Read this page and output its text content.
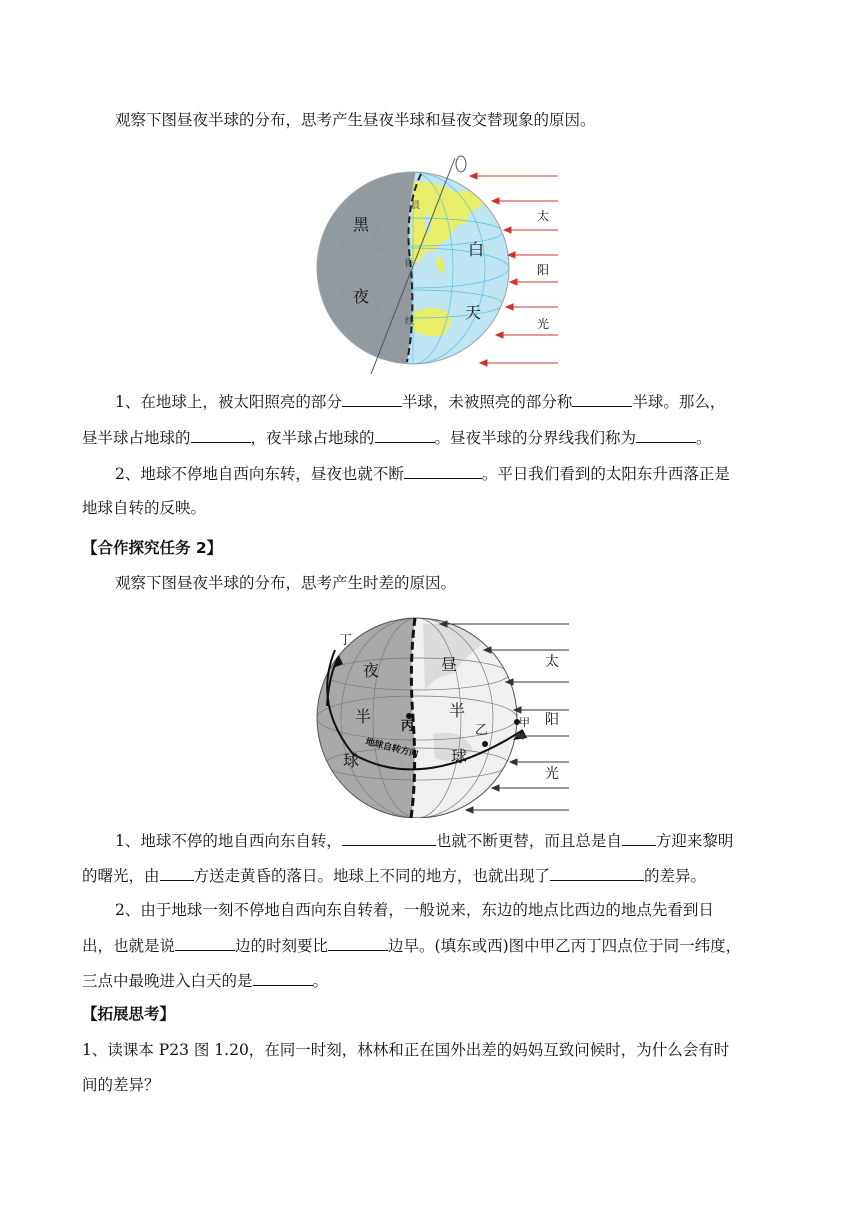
观察下图昼夜半球的分布，思考产生昼夜半球和昼夜交替现象的原因。
黑
夜
白
天
晨
昏
线
太
阳
光
1、在地球上，被太阳照亮的部分	半球，未被照亮的部分称	半球。那么，
昼半球占地球的	，夜半球占地球的	。昼夜半球的分界线我们称为	。
2、地球不停地自西向东转，昼夜也就不断	。平日我们看到的太阳东升西落正是
地球自转的反映。
【合作探究任务 2】
观察下图昼夜半球的分布，思考产生时差的原因。
丁
丙	乙
甲
夜
半
球
昼
半
球
地球自转方向
太
阳
光
1、地球不停的地自西向东自转，	也就不断更替，而且总是自 方迎来黎明
的曙光，由 方送走黄昏的落日。地球上不同的地方，也就出现了	的差异。
2、由于地球一刻不停地自西向东自转着，一般说来，东边的地点比西边的地点先看到日
出，也就是说	边的时刻要比	边早。(填东或西)图中甲乙丙丁四点位于同一纬度，
三点中最晚进入白天的是	。
【拓展思考】
1、读课本 P23 图 1.20，在同一时刻，林林和正在国外出差的妈妈互致问候时，为什么会有时
间的差异？
